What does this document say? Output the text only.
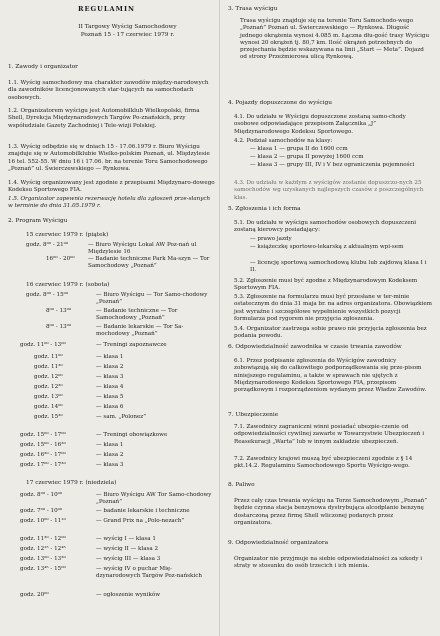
REGULAMIN
II Targowy Wyścig Samochodowy Poznań 15 - 17 czerwiec 1979 r.
1. Zawody i organizator
1.1. Wyścig samochodowy ma charakter zawodów między-narodowych dla zawodników licencjonowanych star-tujących na samochodach osobowych.
1.2. Organizatorem wyścigu jest Automobilklub Wielkopolski, firma Shell, Dyrekcja Międzynarodowych Targów Po-znańskich, przy współudziale Gazety Zachodniej i Tele-wizji Polskiej.
1.3. Wyścig odbędzie się w dniach 15 - 17.06.1979 r. Biuro Wyścigu znajduje się w Automobilklubie Wielko-polskim Poznań, ul. Międzylesie 16 tel. 552-55. W dniu 16 i 17.06. br. na terenie Toru Samochodowego „Poznań” ul. Świerczewskiego — Rynkowa.
1.4. Wyścig organizowany jest zgodnie z przepisami Międzynaro-dowego Kodeksu Sportowego FIA.
1.5. Organizator zapewnia rezerwację hotelu dla zgłoszeń prze-słanych w terminie do dnia 31.05.1979 r.
2. Program Wyścigu
15 czerwiec 1979 r. (piątek)
godz. 8⁰⁰ - 21⁰⁰	— Biuro Wyścigu Lokal AW Poz-nań ul Międzylesie 16
16⁰⁰ - 20⁰⁰ — Badanie techniczne Park Ma-szyn — Tor Samochodowy „Poznań”
16 czerwiec 1979 r. (sobota)
godz. 8⁰⁰ - 15⁰⁰	— Biuro Wyścigu — Tor Samo-chodowy „Poznań”
8⁰⁰ - 13⁰⁰	— Badanie techniczne — Tor Samochodowy „Poznań”
8⁰⁰ - 13⁰⁰	— Badanie lekarskie — Tor Sa-mochodowy „Poznań”
godz. 11⁰⁰ - 13⁰⁰	— Treningi zapoznawcze
godz. 11⁰⁰	— klasa 1
godz. 11³⁰	— klasa 2
godz. 12⁰⁰	— klasa 3
godz. 12³⁰	— klasa 4
godz. 13⁰⁰	— klasa 5
godz. 14⁰⁰	— klasa 6
godz. 15³⁰	— sam. „Polonez”
godz. 15⁰⁰ - 17⁰⁰	— Treningi obowiązkowe
godz. 15⁰⁰ - 16³⁰	— klasa 1
godz. 16³⁰ - 17⁰⁰	— klasa 2
godz. 17⁰⁰ - 17³⁰	— klasa 3
17 czerwiec 1979 r. (niedziela)
godz. 8⁰⁰ - 10⁰⁰	— Biuro Wyścigu AW Tor Samo-chodowy „Poznań”
godz. 7⁰⁰ - 10⁰⁰	— badanie lekarskie i techniczne
godz. 10⁰⁰ - 11¹⁰	— Grand Prix na „Polo-nezach”
godz. 11³⁰ - 12⁰⁰	— wyścig I — klasa 1
godz. 12¹⁵ - 12⁴⁵	— wyścig II — klasa 2
godz. 13⁰⁰ - 13³⁰	— wyścig III — klasa 3
godz. 13⁴⁵ - 15⁰⁰	— wyścig IV o puchar Mię-dzynarodowych Targów Poz-nańskich
godz. 20⁰⁰	— ogłoszenie wyników
3. Trasa wyścigu
Trasa wyścigu znajduje się na terenie Toru Samochodo-wego „Poznań” Poznań ul. Świerczewskiego — Rynkowa. Długość jednego okrążenia wynosi 4.085 m. Łączna dłu-gość trasy Wyścigu wynosi 20 okrążeń tj. 80,7 km. Ilość okrążeń potrzebnych do przejechania będzie wskazywana na linii „Start — Meta”. Dojazd od strony Przeźmierowa ulicą Rynkową.
4. Pojazdy dopuszczone do wyścigu
4.1. Do udziału w Wyścigu dopuszczone zostaną samo-chody osobowe odpowiadające przepisom Załącznika „J” Międzynarodowego Kodeksu Sportowego.
4.2. Podział samochodów na klasy:
— klasa 1 — grupa II do 1600 ccm
— klasa 2 — grupa II powyżej 1600 ccm
— klasa 3 — grupy III, IV i V bez ograniczenia pojemności
4.3. Do udziału w każdym z wyścigów zostanie dopuszczo-nych 25 samochodów wg uzyskanych najlepszych czasów z poszczególnych klas.
5. Zgłoszenia i ich forma
5.1. Do udziału w wyścigu samochodów osobowych dopuszczeni zostaną kierowcy posiadający:
— prawo jazdy
— książeczkę sportowo-lekarską z aktualnym wpi-sem
— licencję sportową samochodową klubu lub zajdową klasa I i II.
5.2. Zgłoszenie musi być zgodne z Międzynarodowym Kodeksem Sportowym FIA.
5.3. Zgłoszenie na formularzu musi być przesłane w ter-minie ostatecznym do dnia 31 maja br. na adres organizatora. Obowiązkiem jest wyraźne i szczegółowe wypełnienie wszystkich pozycji formularza pod rygorem nie przyjęcia zgłoszenia.
5.4. Organizator zastrzega sobie prawo nie przyjęcia zgłoszenia bez podania powodu.
6. Odpowiedzialność zawodnika w czasie trwania zawodów
6.1. Przez podpisanie zgłoszenia do Wyścigów zawodnicy zobowiązują się do całkowitego podporządkowania się prze-pisom niniejszego regulaminu, a także w sprawach nie ujętych z Międzynarodowego Kodeksu Sportowego FIA, przepisom porządkowym i rozporządzeniom wydanym przez Władze Zawodów.
7. Ubezpieczenie
7.1. Zawodnicy zagraniczni winni posiadać ubezpie-czenie od odpowiedzialności cywilnej zawarte w Towarzystwie Ubezpieczeń i Reasekuracji „Warta” lub w innym zakładzie ubezpieczeń.
7.2. Zawodnicy krajowi muszą być ubezpieczeni zgodnie z § 14 pkt.14.2. Regulaminu Samochodowego Sportu Wyścigo-wego.
8. Paliwo
Przez cały czas trwania wyścigu na Torze Samochodowym „Poznań” będzie czynna stacja benzynowa dystrybująca alcodplanie benzynę dostarczoną przez firmę Shell wliczonej podanych przez organizatora.
9. Odpowiedzialność organizatora
Organizator nie przyjmuje na siebie odpowiedzialności za szkody i straty w stosunku do osób trzecich i ich mienia.
